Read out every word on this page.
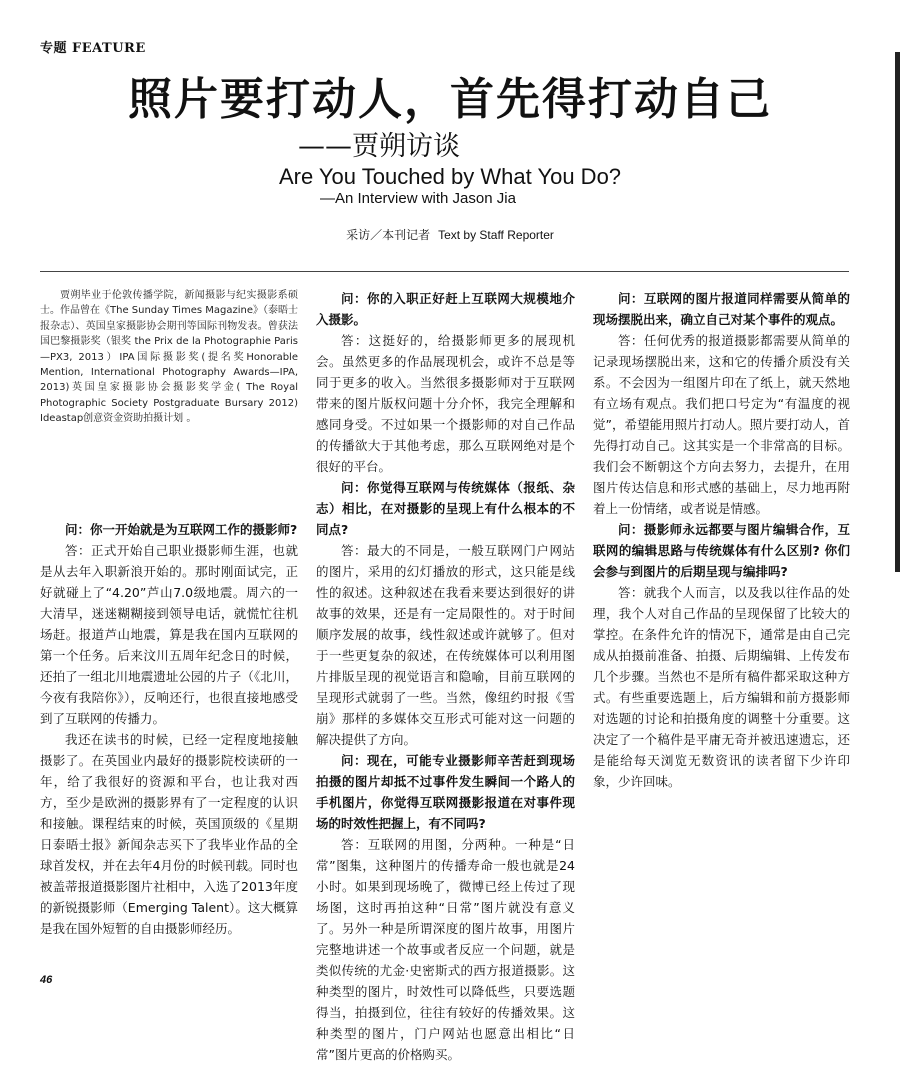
专题 FEATURE
照片要打动人，首先得打动自己
——贾朔访谈
Are You Touched by What You Do?
—An Interview with Jason Jia
采访／本刊记者 Text by Staff Reporter

贾朔毕业于伦敦传播学院，新闻摄影与纪实摄影系硕士。作品曾在《The Sunday Times Magazine》（泰晤士报杂志）、英国皇家摄影协会期刊等国际刊物发表。曾获法国巴黎摄影奖（银奖 the Prix de la Photographie Paris —PX3, 2013）IPA国际摄影奖(提名奖Honorable Mention, International Photography Awards—IPA, 2013)英国皇家摄影协会摄影奖学金( The Royal Photographic Society Postgraduate Bursary 2012) Ideastap创意资金资助拍摄计划 。

问：你一开始就是为互联网工作的摄影师?

答：正式开始自己职业摄影师生涯，也就是从去年入职新浪开始的。那时刚面试完，正好就碰上了“4.20”芦山7.0级地震。周六的一大清早，迷迷糊糊接到领导电话，就慌忙往机场赶。报道芦山地震，算是我在国内互联网的第一个任务。后来汶川五周年纪念日的时候，还拍了一组北川地震遗址公园的片子（《北川，今夜有我陪你》），反响还行，也很直接地感受到了互联网的传播力。

我还在读书的时候，已经一定程度地接触摄影了。在英国业内最好的摄影院校读研的一年，给了我很好的资源和平台，也让我对西方，至少是欧洲的摄影界有了一定程度的认识和接触。课程结束的时候，英国顶级的《星期日泰晤士报》新闻杂志买下了我毕业作品的全球首发权，并在去年4月份的时候刊载。同时也被盖蒂报道摄影图片社相中，入选了2013年度的新锐摄影师（Emerging Talent）。这大概算是我在国外短暂的自由摄影师经历。

问：你的入职正好赶上互联网大规模地介入摄影。

答：这挺好的，给摄影师更多的展现机会。虽然更多的作品展现机会，或许不总是等同于更多的收入。当然很多摄影师对于互联网带来的图片版权问题十分介怀，我完全理解和感同身受。不过如果一个摄影师的对自己作品的传播欲大于其他考虑，那么互联网绝对是个很好的平台。

问：你觉得互联网与传统媒体（报纸、杂志）相比，在对摄影的呈现上有什么根本的不同点?

答：最大的不同是，一般互联网门户网站的图片，采用的幻灯播放的形式，这只能是线性的叙述。这种叙述在我看来要达到很好的讲故事的效果，还是有一定局限性的。对于时间顺序发展的故事，线性叙述或许就够了。但对于一些更复杂的叙述，在传统媒体可以利用图片排版呈现的视觉语言和隐喻，目前互联网的呈现形式就弱了一些。当然，像纽约时报《雪崩》那样的多媒体交互形式可能对这一问题的解决提供了方向。

问：现在，可能专业摄影师辛苦赶到现场拍摄的图片却抵不过事件发生瞬间一个路人的手机图片，你觉得互联网摄影报道在对事件现场的时效性把握上，有不同吗?

答：互联网的用图，分两种。一种是“日常”图集，这种图片的传播寿命一般也就是24小时。如果到现场晚了，微博已经上传过了现场图，这时再拍这种“日常”图片就没有意义了。另外一种是所谓深度的图片故事，用图片完整地讲述一个故事或者反应一个问题，就是类似传统的尤金·史密斯式的西方报道摄影。这种类型的图片，时效性可以降低些，只要选题得当，拍摄到位，往往有较好的传播效果。这种类型的图片，门户网站也愿意出相比“日常”图片更高的价格购买。

问：互联网的图片报道同样需要从简单的现场摆脱出来，确立自己对某个事件的观点。

答：任何优秀的报道摄影都需要从简单的记录现场摆脱出来，这和它的传播介质没有关系。不会因为一组图片印在了纸上，就天然地有立场有观点。我们把口号定为“有温度的视觉”，希望能用照片打动人。照片要打动人，首先得打动自己。这其实是一个非常高的目标。我们会不断朝这个方向去努力，去提升，在用图片传达信息和形式感的基础上，尽力地再附着上一份情绪，或者说是情感。

问：摄影师永远都要与图片编辑合作，互联网的编辑思路与传统媒体有什么区别? 你们会参与到图片的后期呈现与编排吗?

答：就我个人而言，以及我以往作品的处理，我个人对自己作品的呈现保留了比较大的掌控。在条件允许的情况下，通常是由自己完成从拍摄前准备、拍摄、后期编辑、上传发布几个步骤。当然也不是所有稿件都采取这种方式。有些重要选题上，后方编辑和前方摄影师对选题的讨论和拍摄角度的调整十分重要。这决定了一个稿件是平庸无奇并被迅速遗忘，还是能给每天浏览无数资讯的读者留下少许印象，少许回味。

46
